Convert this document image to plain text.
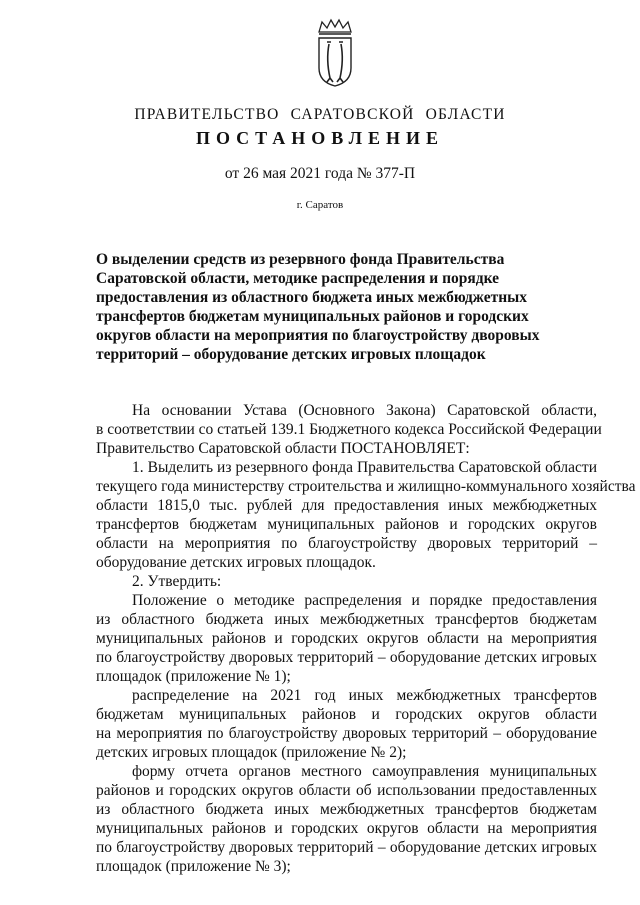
ПРАВИТЕЛЬСТВО САРАТОВСКОЙ ОБЛАСТИ
ПОСТАНОВЛЕНИЕ
от 26 мая 2021 года № 377-П
г. Саратов
О выделении средств из резервного фонда Правительства
Саратовской области, методике распределения и порядке
предоставления из областного бюджета иных межбюджетных
трансфертов бюджетам муниципальных районов и городских
округов области на мероприятия по благоустройству дворовых
территорий – оборудование детских игровых площадок
На основании Устава (Основного Закона) Саратовской области,
в соответствии со статьей 139.1 Бюджетного кодекса Российской Федерации
Правительство Саратовской области ПОСТАНОВЛЯЕТ:
1. Выделить из резервного фонда Правительства Саратовской области
текущего года министерству строительства и жилищно-коммунального хозяйства
области 1815,0 тыс. рублей для предоставления иных межбюджетных
трансфертов бюджетам муниципальных районов и городских округов
области на мероприятия по благоустройству дворовых территорий –
оборудование детских игровых площадок.
2. Утвердить:
Положение о методике распределения и порядке предоставления
из областного бюджета иных межбюджетных трансфертов бюджетам
муниципальных районов и городских округов области на мероприятия
по благоустройству дворовых территорий – оборудование детских игровых
площадок (приложение № 1);
распределение на 2021 год иных межбюджетных трансфертов
бюджетам муниципальных районов и городских округов области
на мероприятия по благоустройству дворовых территорий – оборудование
детских игровых площадок (приложение № 2);
форму отчета органов местного самоуправления муниципальных
районов и городских округов области об использовании предоставленных
из областного бюджета иных межбюджетных трансфертов бюджетам
муниципальных районов и городских округов области на мероприятия
по благоустройству дворовых территорий – оборудование детских игровых
площадок (приложение № 3);
